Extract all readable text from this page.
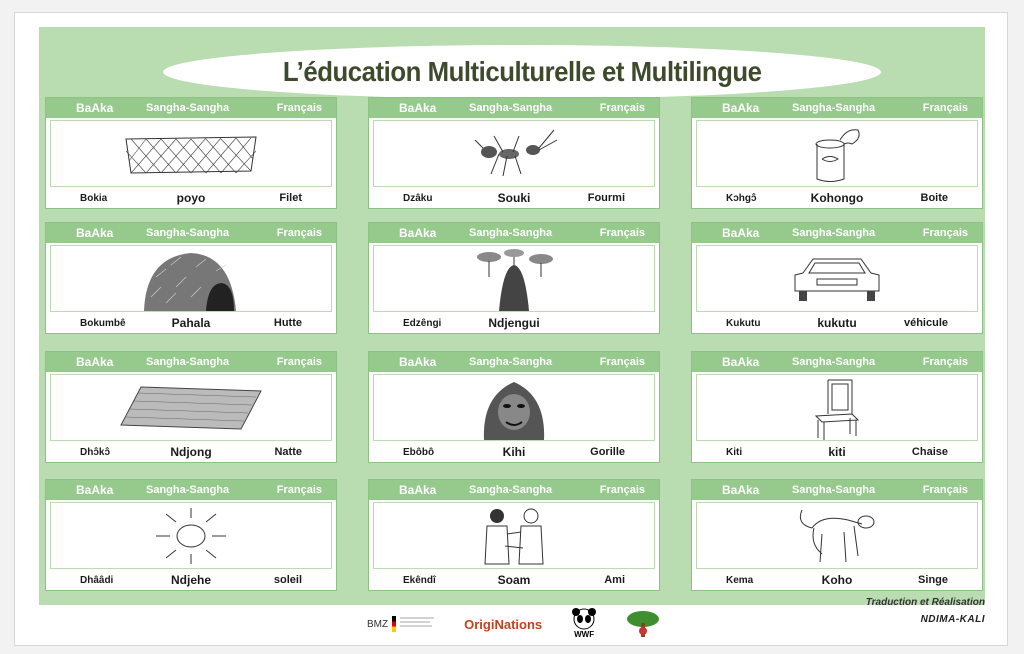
L’éducation Multiculturelle et Multilingue
BaAka	Sangha-Sangha	Français
Bokia	poyo	Filet
BaAka	Sangha-Sangha	Français
Dzâku	Souki	Fourmi
BaAka	Sangha-Sangha	Français
Kɔhgɔ̂	Kohongo	Boite
BaAka	Sangha-Sangha	Français
Bokumbê	Pahala	Hutte
BaAka	Sangha-Sangha	Français
Edzêngi	Ndjengui
BaAka	Sangha-Sangha	Français
Kukutu	kukutu	véhicule
BaAka	Sangha-Sangha	Français
Dhɔ̂kɔ̂	Ndjong	Natte
BaAka	Sangha-Sangha	Français
Ebôbô	Kihi	Gorille
BaAka	Sangha-Sangha	Français
Kiti	kiti	Chaise
BaAka	Sangha-Sangha	Français
Dhââdi	Ndjehe	soleil
BaAka	Sangha-Sangha	Français
Ekêndî	Soam	Ami
BaAka	Sangha-Sangha	Français
Kema	Koho	Singe
BMZ	OrigiNations
WWF
Traduction et Réalisation
NDIMA-KALI
